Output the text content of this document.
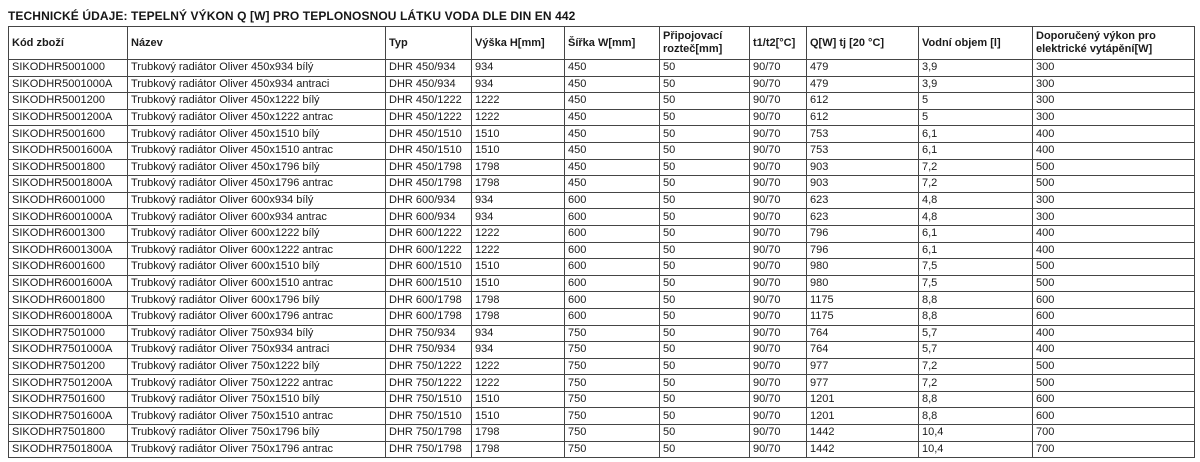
TECHNICKÉ ÚDAJE: TEPELNÝ VÝKON Q [W] PRO TEPLONOSNOU LÁTKU VODA DLE DIN EN 442
Kód zboží	Název	Typ	Výška H[mm]	Šířka W[mm]	Připojovací rozteč[mm]	t1/t2[°C]	Q[W] tj [20 °C]	Vodní objem [l]	Doporučený výkon pro elektrické vytápění[W]
SIKODHR5001000	Trubkový radiátor Oliver 450x934 bílý	DHR 450/934	934	450	50	90/70	479	3,9	300
SIKODHR5001000A	Trubkový radiátor Oliver 450x934 antraci	DHR 450/934	934	450	50	90/70	479	3,9	300
SIKODHR5001200	Trubkový radiátor Oliver 450x1222 bílý	DHR 450/1222	1222	450	50	90/70	612	5	300
SIKODHR5001200A	Trubkový radiátor Oliver 450x1222 antrac	DHR 450/1222	1222	450	50	90/70	612	5	300
SIKODHR5001600	Trubkový radiátor Oliver 450x1510 bílý	DHR 450/1510	1510	450	50	90/70	753	6,1	400
SIKODHR5001600A	Trubkový radiátor Oliver 450x1510 antrac	DHR 450/1510	1510	450	50	90/70	753	6,1	400
SIKODHR5001800	Trubkový radiátor Oliver 450x1796 bílý	DHR 450/1798	1798	450	50	90/70	903	7,2	500
SIKODHR5001800A	Trubkový radiátor Oliver 450x1796 antrac	DHR 450/1798	1798	450	50	90/70	903	7,2	500
SIKODHR6001000	Trubkový radiátor Oliver 600x934 bílý	DHR 600/934	934	600	50	90/70	623	4,8	300
SIKODHR6001000A	Trubkový radiátor Oliver 600x934 antrac	DHR 600/934	934	600	50	90/70	623	4,8	300
SIKODHR6001300	Trubkový radiátor Oliver 600x1222 bílý	DHR 600/1222	1222	600	50	90/70	796	6,1	400
SIKODHR6001300A	Trubkový radiátor Oliver 600x1222 antrac	DHR 600/1222	1222	600	50	90/70	796	6,1	400
SIKODHR6001600	Trubkový radiátor Oliver 600x1510 bílý	DHR 600/1510	1510	600	50	90/70	980	7,5	500
SIKODHR6001600A	Trubkový radiátor Oliver 600x1510 antrac	DHR 600/1510	1510	600	50	90/70	980	7,5	500
SIKODHR6001800	Trubkový radiátor Oliver 600x1796 bílý	DHR 600/1798	1798	600	50	90/70	1175	8,8	600
SIKODHR6001800A	Trubkový radiátor Oliver 600x1796 antrac	DHR 600/1798	1798	600	50	90/70	1175	8,8	600
SIKODHR7501000	Trubkový radiátor Oliver 750x934 bílý	DHR 750/934	934	750	50	90/70	764	5,7	400
SIKODHR7501000A	Trubkový radiátor Oliver 750x934 antraci	DHR 750/934	934	750	50	90/70	764	5,7	400
SIKODHR7501200	Trubkový radiátor Oliver 750x1222 bílý	DHR 750/1222	1222	750	50	90/70	977	7,2	500
SIKODHR7501200A	Trubkový radiátor Oliver 750x1222 antrac	DHR 750/1222	1222	750	50	90/70	977	7,2	500
SIKODHR7501600	Trubkový radiátor Oliver 750x1510 bílý	DHR 750/1510	1510	750	50	90/70	1201	8,8	600
SIKODHR7501600A	Trubkový radiátor Oliver 750x1510 antrac	DHR 750/1510	1510	750	50	90/70	1201	8,8	600
SIKODHR7501800	Trubkový radiátor Oliver 750x1796 bílý	DHR 750/1798	1798	750	50	90/70	1442	10,4	700
SIKODHR7501800A	Trubkový radiátor Oliver 750x1796 antrac	DHR 750/1798	1798	750	50	90/70	1442	10,4	700
